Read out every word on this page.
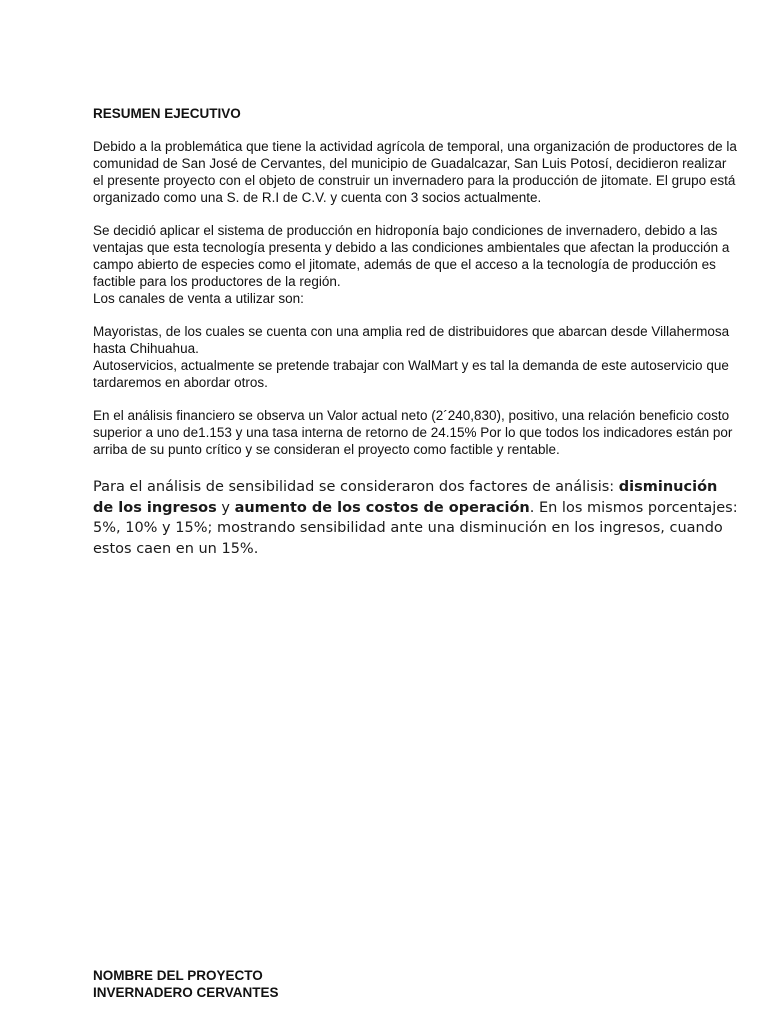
RESUMEN EJECUTIVO

Debido a la problemática que tiene la actividad agrícola de temporal, una organización de productores de la comunidad de San José de Cervantes, del municipio de Guadalcazar, San Luis Potosí, decidieron realizar el presente proyecto con el objeto de construir un invernadero para la producción de jitomate. El grupo está organizado como una S. de R.I de C.V. y cuenta con 3 socios actualmente.

Se decidió aplicar el sistema de producción en hidroponía bajo condiciones de invernadero, debido a las ventajas que esta tecnología presenta y debido a las condiciones ambientales que afectan la producción a campo abierto de especies como el jitomate, además de que el acceso a la tecnología de producción es factible para los productores de la región.

Los canales de venta a utilizar son:

Mayoristas, de los cuales se cuenta con una amplia red de distribuidores que abarcan desde Villahermosa hasta Chihuahua.

Autoservicios, actualmente se pretende trabajar con WalMart y es tal la demanda de este autoservicio que tardaremos en abordar otros.

En el análisis financiero se observa un Valor actual neto (2´240,830), positivo, una relación beneficio costo superior a uno de1.153 y una tasa interna de retorno de 24.15% Por lo que todos los indicadores están por arriba de su punto crítico y se consideran el proyecto como factible y rentable.

Para el análisis de sensibilidad se consideraron dos factores de análisis: disminución de los ingresos y aumento de los costos de operación. En los mismos porcentajes: 5%, 10% y 15%; mostrando sensibilidad ante una disminución en los ingresos, cuando estos caen en un 15%.

NOMBRE DEL PROYECTO
INVERNADERO CERVANTES
